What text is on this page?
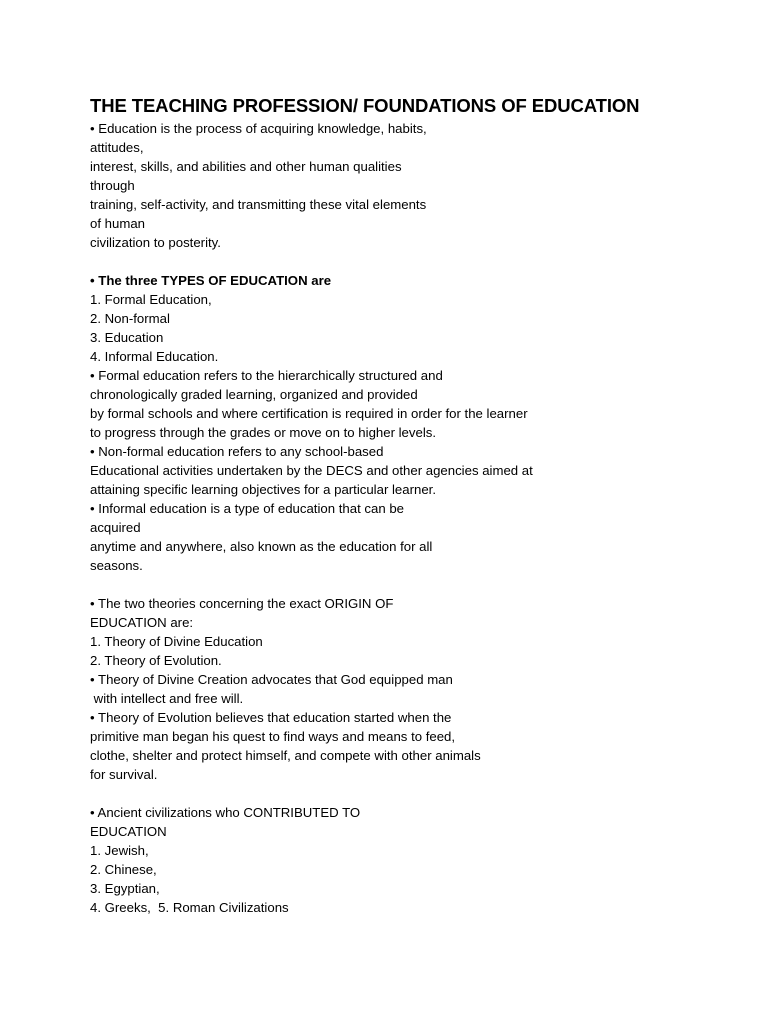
THE TEACHING PROFESSION/ FOUNDATIONS OF EDUCATION
• Education is the process of acquiring knowledge, habits,
attitudes,
interest, skills, and abilities and other human qualities
through
training, self-activity, and transmitting these vital elements
of human
civilization to posterity.
• The three TYPES OF EDUCATION are
1. Formal Education,
2. Non-formal
3. Education
4. Informal Education.
• Formal education refers to the hierarchically structured and
chronologically graded learning, organized and provided
by formal schools and where certification is required in order for the learner
to progress through the grades or move on to higher levels.
• Non-formal education refers to any school-based
Educational activities undertaken by the DECS and other agencies aimed at
attaining specific learning objectives for a particular learner.
• Informal education is a type of education that can be
acquired
anytime and anywhere, also known as the education for all
seasons.
• The two theories concerning the exact ORIGIN OF
EDUCATION are:
1. Theory of Divine Education
2. Theory of Evolution.
• Theory of Divine Creation advocates that God equipped man
with intellect and free will.
• Theory of Evolution believes that education started when the
primitive man began his quest to find ways and means to feed,
clothe, shelter and protect himself, and compete with other animals
for survival.
• Ancient civilizations who CONTRIBUTED TO
EDUCATION
1. Jewish,
2. Chinese,
3. Egyptian,
4. Greeks,  5. Roman Civilizations
